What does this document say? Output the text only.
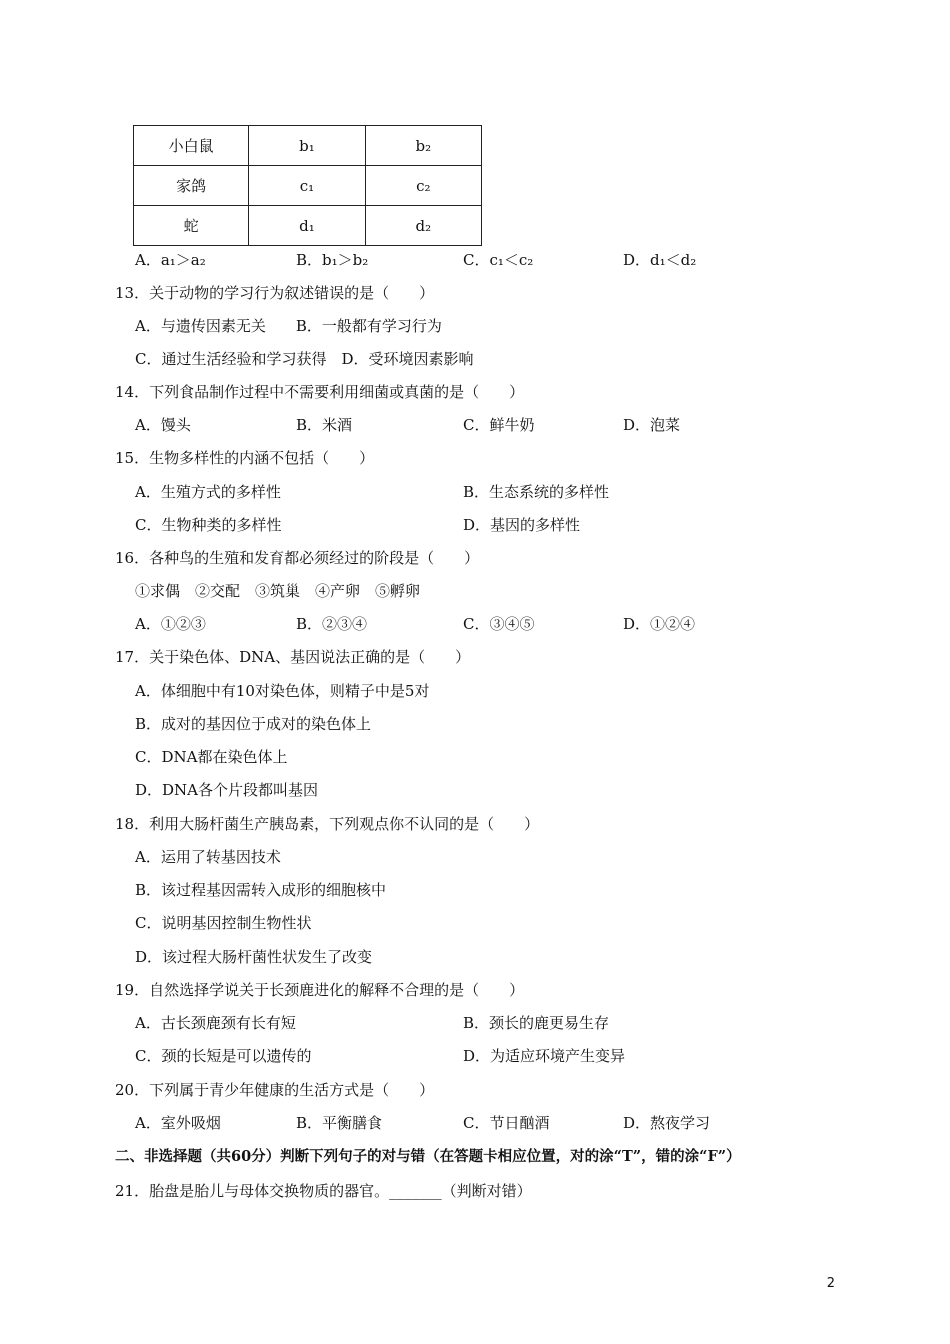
小白鼠	b₁	b₂
家鸽	c₁	c₂
蛇	d₁	d₂
A．a₁＞a₂	B．b₁＞b₂	C．c₁＜c₂	D．d₁＜d₂
13．关于动物的学习行为叙述错误的是（　　）
A．与遗传因素无关　　B．一般都有学习行为
C．通过生活经验和学习获得　D．受环境因素影响
14．下列食品制作过程中不需要利用细菌或真菌的是（　　）
A．馒头	B．米酒	C．鲜牛奶	D．泡菜
15．生物多样性的内涵不包括（　　）
A．生殖方式的多样性	B．生态系统的多样性
C．生物种类的多样性	D．基因的多样性
16．各种鸟的生殖和发育都必须经过的阶段是（　　）
①求偶　②交配　③筑巢　④产卵　⑤孵卵
A．①②③	B．②③④	C．③④⑤	D．①②④
17．关于染色体、DNA、基因说法正确的是（　　）
A．体细胞中有10对染色体，则精子中是5对
B．成对的基因位于成对的染色体上
C．DNA都在染色体上
D．DNA各个片段都叫基因
18．利用大肠杆菌生产胰岛素，下列观点你不认同的是（　　）
A．运用了转基因技术
B．该过程基因需转入成形的细胞核中
C．说明基因控制生物性状
D．该过程大肠杆菌性状发生了改变
19．自然选择学说关于长颈鹿进化的解释不合理的是（　　）
A．古长颈鹿颈有长有短	B．颈长的鹿更易生存
C．颈的长短是可以遗传的	D．为适应环境产生变异
20．下列属于青少年健康的生活方式是（　　）
A．室外吸烟	B．平衡膳食	C．节日酗酒	D．熬夜学习
二、非选择题（共60分）判断下列句子的对与错（在答题卡相应位置，对的涂“T”，错的涂“F”）
21．胎盘是胎儿与母体交换物质的器官。_______（判断对错）
2
